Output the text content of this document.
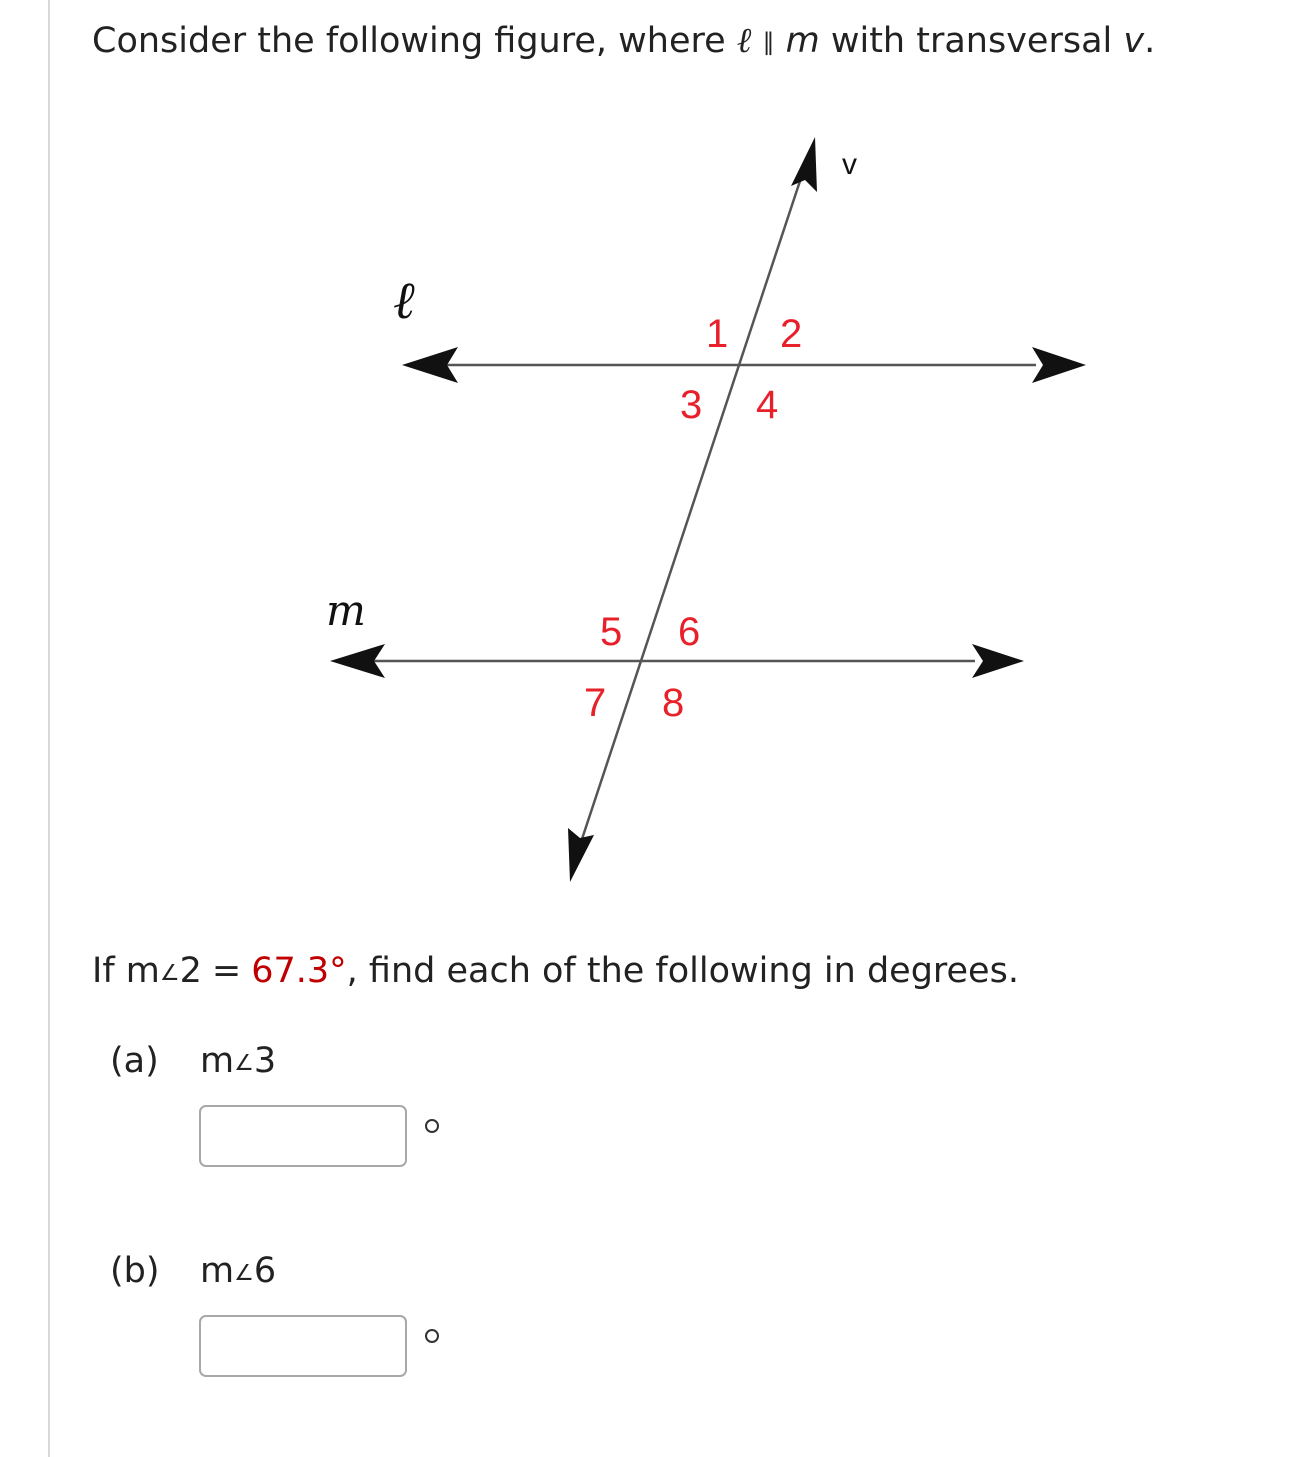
Consider the following figure, where ℓ ∥ m with transversal v.
v
ℓ
m
1 2
3 4
5 6
7 8
If m∠2 = 67.3°, find each of the following in degrees.
(a) m∠3
(b) m∠6
